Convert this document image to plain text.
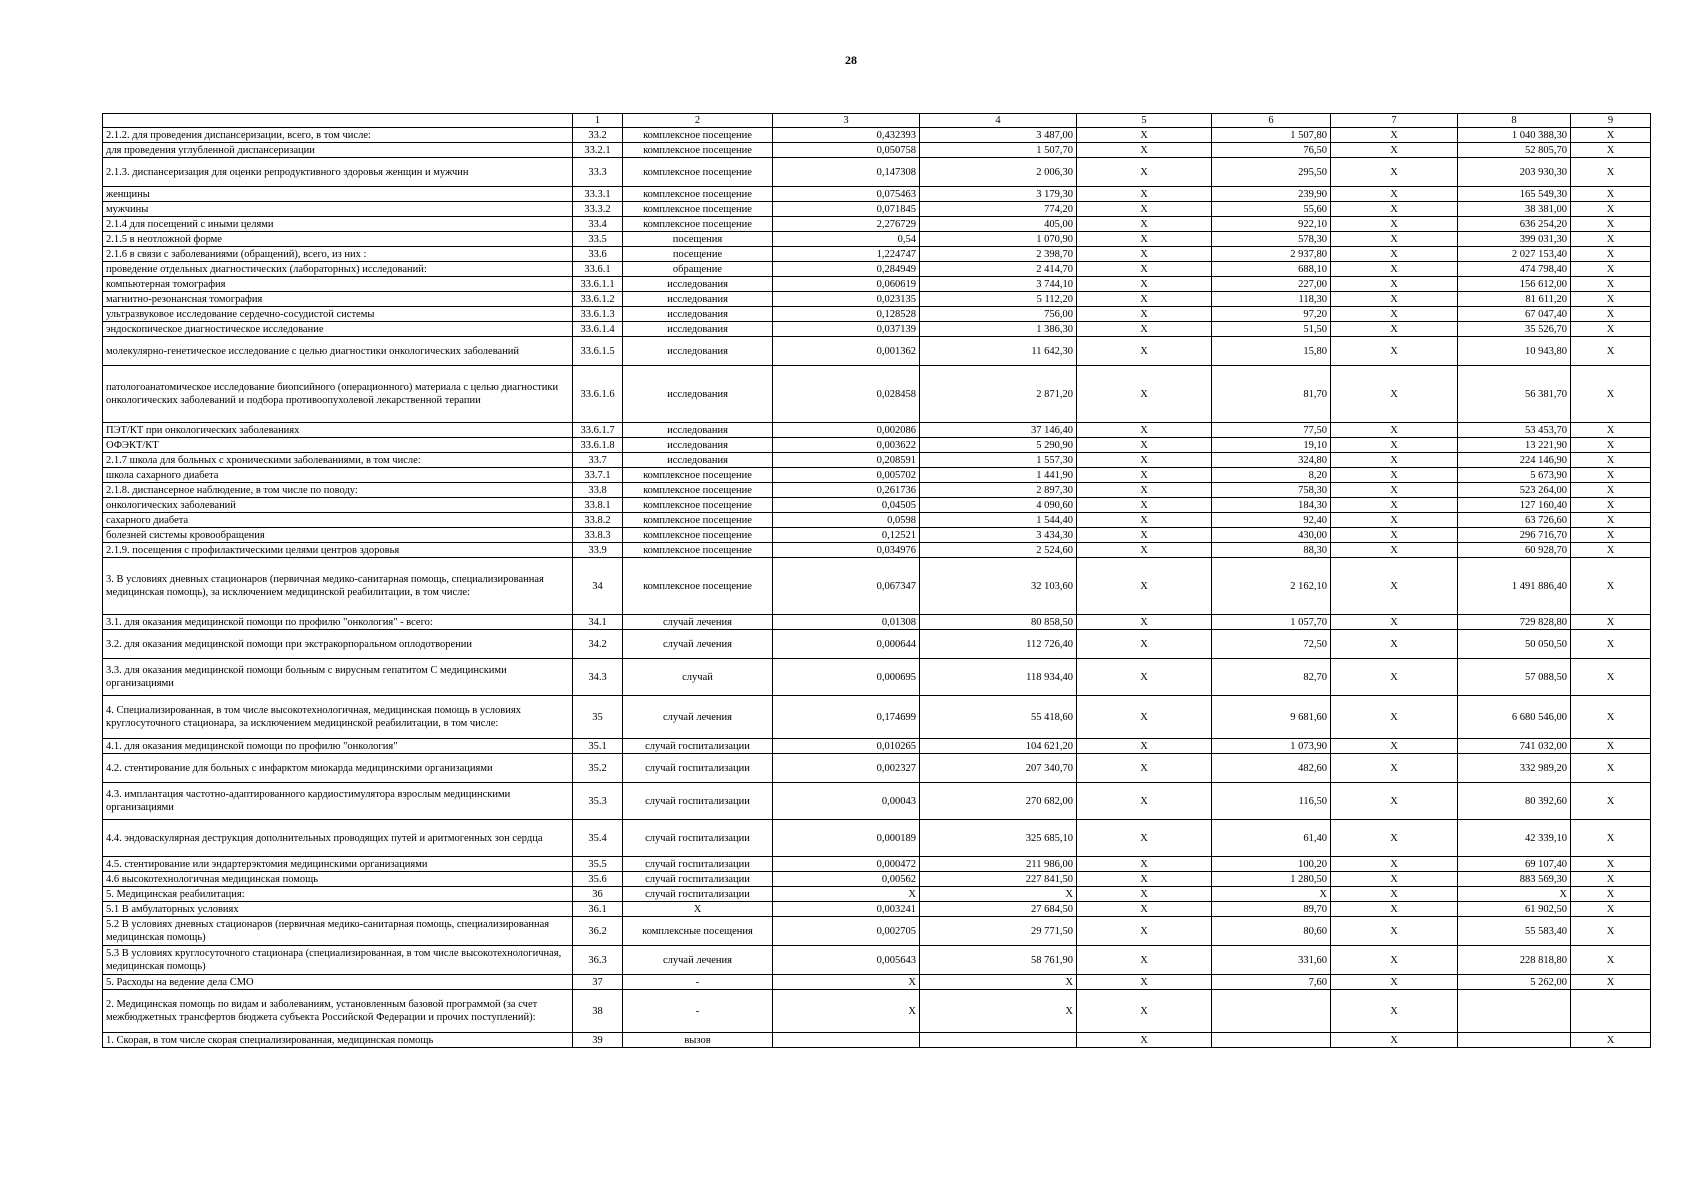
28
	1	2	3	4	5	6	7	8	9
2.1.2. для проведения диспансеризации, всего, в том числе:	33.2	комплексное посещение	0,432393	3 487,00	Х	1 507,80	Х	1 040 388,30	Х
для проведения углубленной диспансеризации	33.2.1	комплексное посещение	0,050758	1 507,70	Х	76,50	Х	52 805,70	Х
2.1.3. диспансеризация для оценки репродуктивного здоровья женщин и мужчин	33.3	комплексное посещение	0,147308	2 006,30	Х	295,50	Х	203 930,30	Х
женщины	33.3.1	комплексное посещение	0,075463	3 179,30	Х	239,90	Х	165 549,30	Х
мужчины	33.3.2	комплексное посещение	0,071845	774,20	Х	55,60	Х	38 381,00	Х
2.1.4 для посещений с иными целями	33.4	комплексное посещение	2,276729	405,00	Х	922,10	Х	636 254,20	Х
2.1.5 в неотложной форме	33.5	посещения	0,54	1 070,90	Х	578,30	Х	399 031,30	Х
2.1.6 в связи с заболеваниями (обращений), всего, из них :	33.6	посещение	1,224747	2 398,70	Х	2 937,80	Х	2 027 153,40	Х
проведение отдельных диагностических (лабораторных) исследований:	33.6.1	обращение	0,284949	2 414,70	Х	688,10	Х	474 798,40	Х
компьютерная томография	33.6.1.1	исследования	0,060619	3 744,10	Х	227,00	Х	156 612,00	Х
магнитно-резонансная томография	33.6.1.2	исследования	0,023135	5 112,20	Х	118,30	Х	81 611,20	Х
ультразвуковое исследование сердечно-сосудистой системы	33.6.1.3	исследования	0,128528	756,00	Х	97,20	Х	67 047,40	Х
эндоскопическое диагностическое исследование	33.6.1.4	исследования	0,037139	1 386,30	Х	51,50	Х	35 526,70	Х
молекулярно-генетическое исследование с целью диагностики онкологических заболеваний	33.6.1.5	исследования	0,001362	11 642,30	Х	15,80	Х	10 943,80	Х
патологоанатомическое исследование биопсийного (операционного) материала с целью диагностики онкологических заболеваний и подбора противоопухолевой лекарственной терапии	33.6.1.6	исследования	0,028458	2 871,20	Х	81,70	Х	56 381,70	Х
ПЭТ/КТ при онкологических заболеваниях	33.6.1.7	исследования	0,002086	37 146,40	Х	77,50	Х	53 453,70	Х
ОФЭКТ/КТ	33.6.1.8	исследования	0,003622	5 290,90	Х	19,10	Х	13 221,90	Х
2.1.7 школа для больных с хроническими заболеваниями, в том числе:	33.7	исследования	0,208591	1 557,30	Х	324,80	Х	224 146,90	Х
школа сахарного диабета	33.7.1	комплексное посещение	0,005702	1 441,90	Х	8,20	Х	5 673,90	Х
2.1.8. диспансерное наблюдение, в том числе по поводу:	33.8	комплексное посещение	0,261736	2 897,30	Х	758,30	Х	523 264,00	Х
онкологических заболеваний	33.8.1	комплексное посещение	0,04505	4 090,60	Х	184,30	Х	127 160,40	Х
сахарного диабета	33.8.2	комплексное посещение	0,0598	1 544,40	Х	92,40	Х	63 726,60	Х
болезней системы кровообращения	33.8.3	комплексное посещение	0,12521	3 434,30	Х	430,00	Х	296 716,70	Х
2.1.9. посещения с профилактическими целями центров здоровья	33.9	комплексное посещение	0,034976	2 524,60	Х	88,30	Х	60 928,70	Х
3. В условиях дневных стационаров (первичная медико-санитарная помощь, специализированная медицинская помощь), за исключением медицинской реабилитации, в том числе:	34	комплексное посещение	0,067347	32 103,60	Х	2 162,10	Х	1 491 886,40	Х
3.1. для оказания медицинской помощи по профилю "онкология" - всего:	34.1	случай лечения	0,01308	80 858,50	Х	1 057,70	Х	729 828,80	Х
3.2. для оказания медицинской помощи при экстракорпоральном оплодотворении	34.2	случай лечения	0,000644	112 726,40	Х	72,50	Х	50 050,50	Х
3.3. для оказания медицинской помощи больным с вирусным гепатитом С медицинскими организациями	34.3	случай	0,000695	118 934,40	Х	82,70	Х	57 088,50	Х
4. Специализированная, в том числе высокотехнологичная, медицинская помощь в условиях круглосуточного стационара, за исключением медицинской реабилитации, в том числе:	35	случай лечения	0,174699	55 418,60	Х	9 681,60	Х	6 680 546,00	Х
4.1. для оказания медицинской помощи по профилю "онкология"	35.1	случай госпитализации	0,010265	104 621,20	Х	1 073,90	Х	741 032,00	Х
4.2. стентирование для больных с инфарктом миокарда медицинскими организациями	35.2	случай госпитализации	0,002327	207 340,70	Х	482,60	Х	332 989,20	Х
4.3. имплантация частотно-адаптированного кардиостимулятора взрослым медицинскими организациями	35.3	случай госпитализации	0,00043	270 682,00	Х	116,50	Х	80 392,60	Х
4.4. эндоваскулярная деструкция дополнительных проводящих путей и аритмогенных зон сердца	35.4	случай госпитализации	0,000189	325 685,10	Х	61,40	Х	42 339,10	Х
4.5. стентирование или эндартерэктомия медицинскими организациями	35.5	случай госпитализации	0,000472	211 986,00	Х	100,20	Х	69 107,40	Х
4.6 высокотехнологичная медицинская помощь	35.6	случай госпитализации	0,00562	227 841,50	Х	1 280,50	Х	883 569,30	Х
5. Медицинская реабилитация:	36	случай госпитализации	Х	Х	Х	Х	Х	Х	Х
5.1 В амбулаторных условиях	36.1	Х	0,003241	27 684,50	Х	89,70	Х	61 902,50	Х
5.2 В условиях дневных стационаров (первичная медико-санитарная помощь, специализированная медицинская помощь)	36.2	комплексные посещения	0,002705	29 771,50	Х	80,60	Х	55 583,40	Х
5.3 В условиях круглосуточного стационара (специализированная, в том числе высокотехнологичная, медицинская помощь)	36.3	случай лечения	0,005643	58 761,90	Х	331,60	Х	228 818,80	Х
5. Расходы на ведение дела СМО	37	-	Х	Х	Х	7,60	Х	5 262,00	Х
2. Медицинская помощь по видам и заболеваниям, установленным базовой программой (за счет межбюджетных трансфертов бюджета субъекта Российской Федерации и прочих поступлений):	38	-	Х	Х	Х		Х		
1. Скорая, в том числе скорая специализированная, медицинская помощь	39	вызов			Х		Х		Х
